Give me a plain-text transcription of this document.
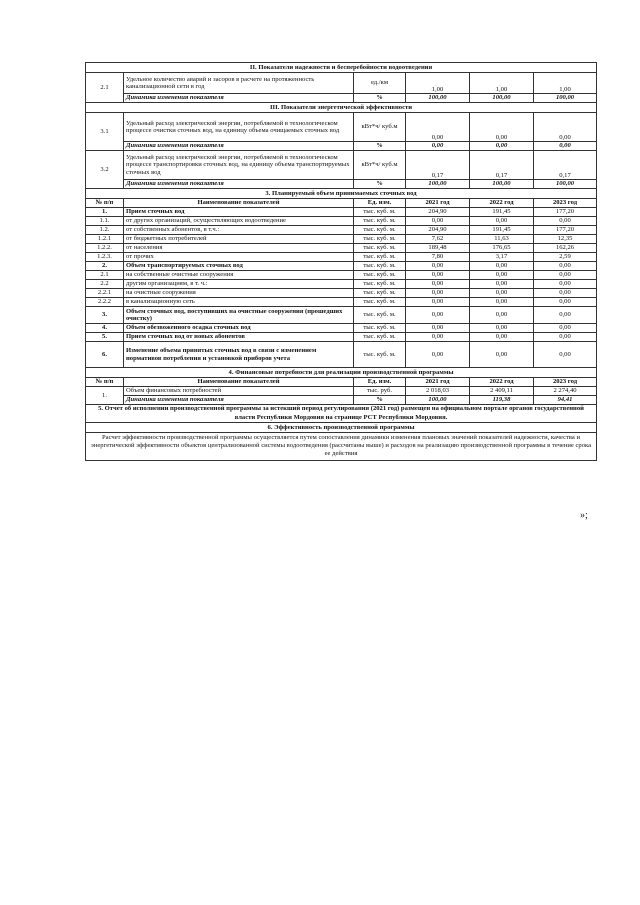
II. Показатели надежности и бесперебойности водоотведения					
2.1	Удельное количество аварий и засоров в расчете на протяженность канализационной сети в год	ед./км	1,00	1,00	1,00
	Динамика изменения показателя	%	100,00	100,00	100,00
III. Показатели энергетической эффективности					
3.1	Удельный расход электрической энергии, потребляемой в технологическом процессе очистки сточных вод, на единицу объема очищаемых сточных вод	кВт*ч/ куб.м	0,00	0,00	0,00
	Динамика изменения показателя	%	0,00	0,00	0,00
3.2	Удельный расход электрической энергии, потребляемой в технологическом процессе транспортировки сточных вод, на единицу объема транспортируемых сточных вод	кВт*ч/ куб.м	0,17	0,17	0,17
	Динамика изменения показателя	%	100,00	100,00	100,00
3. Планируемый объем принимаемых сточных вод					
№ п/п	Наименование показателей	Ед. изм.	2021 год	2022 год	2023 год
1.	Прием сточных вод	тыс. куб. м.	204,90	191,45	177,20
1.1.	от других организаций, осуществляющих водоотведение	тыс. куб. м.	0,00	0,00	0,00
1.2.	от собственных абонентов, в т.ч.:	тыс. куб. м.	204,90	191,45	177,20
1.2.1	от бюджетных потребителей	тыс. куб. м.	7,62	11,63	12,35
1.2.2.	от населения	тыс. куб. м.	189,48	176,65	162,26
1.2.3.	от прочих	тыс. куб. м.	7,80	3,17	2,59
2.	Объем транспортируемых сточных вод	тыс. куб. м.	0,00	0,00	0,00
2.1	на собственные очистные сооружения	тыс. куб. м.	0,00	0,00	0,00
2.2	другим организациям, в т. ч.:	тыс. куб. м.	0,00	0,00	0,00
2.2.1	на очистные сооружения	тыс. куб. м.	0,00	0,00	0,00
2.2.2	в канализационную сеть	тыс. куб. м.	0,00	0,00	0,00
3.	Объем сточных вод, поступивших на очистные сооружения (прошедших очистку)	тыс. куб. м.	0,00	0,00	0,00
4.	Объем обезвоженного осадка сточных вод	тыс. куб. м.	0,00	0,00	0,00
5.	Прием сточных вод от новых абонентов	тыс. куб. м.	0,00	0,00	0,00
6.	Изменение объема принятых сточных вод в связи с изменением нормативов потребления и установкой приборов учета	тыс. куб. м.	0,00	0,00	0,00
4. Финансовые потребности для реализации производственной программы					
№ п/п	Наименование показателей	Ед. изм.	2021 год	2022 год	2023 год
1.	Объем финансовых потребностей	тыс. руб.	2 018,03	2 409,11	2 274,40
	Динамика изменения показателя	%	100,00	119,38	94,41
5. Отчет об исполнении производственной программы за истекший период регулирования (2021 год) размещен на официальном портале органов государственной власти Республики Мордовия на странице РСТ Республики Мордовия.					
6. Эффективность производственной программы					
Расчет эффективности производственной программы осуществляется путем сопоставления динамики изменения плановых значений показателей надежности, качества и энергетической эффективности объектов централизованной системы водоотведения (рассчитаны выше) и расходов на реализацию производственной программы в течение срока ее действия					
»;
